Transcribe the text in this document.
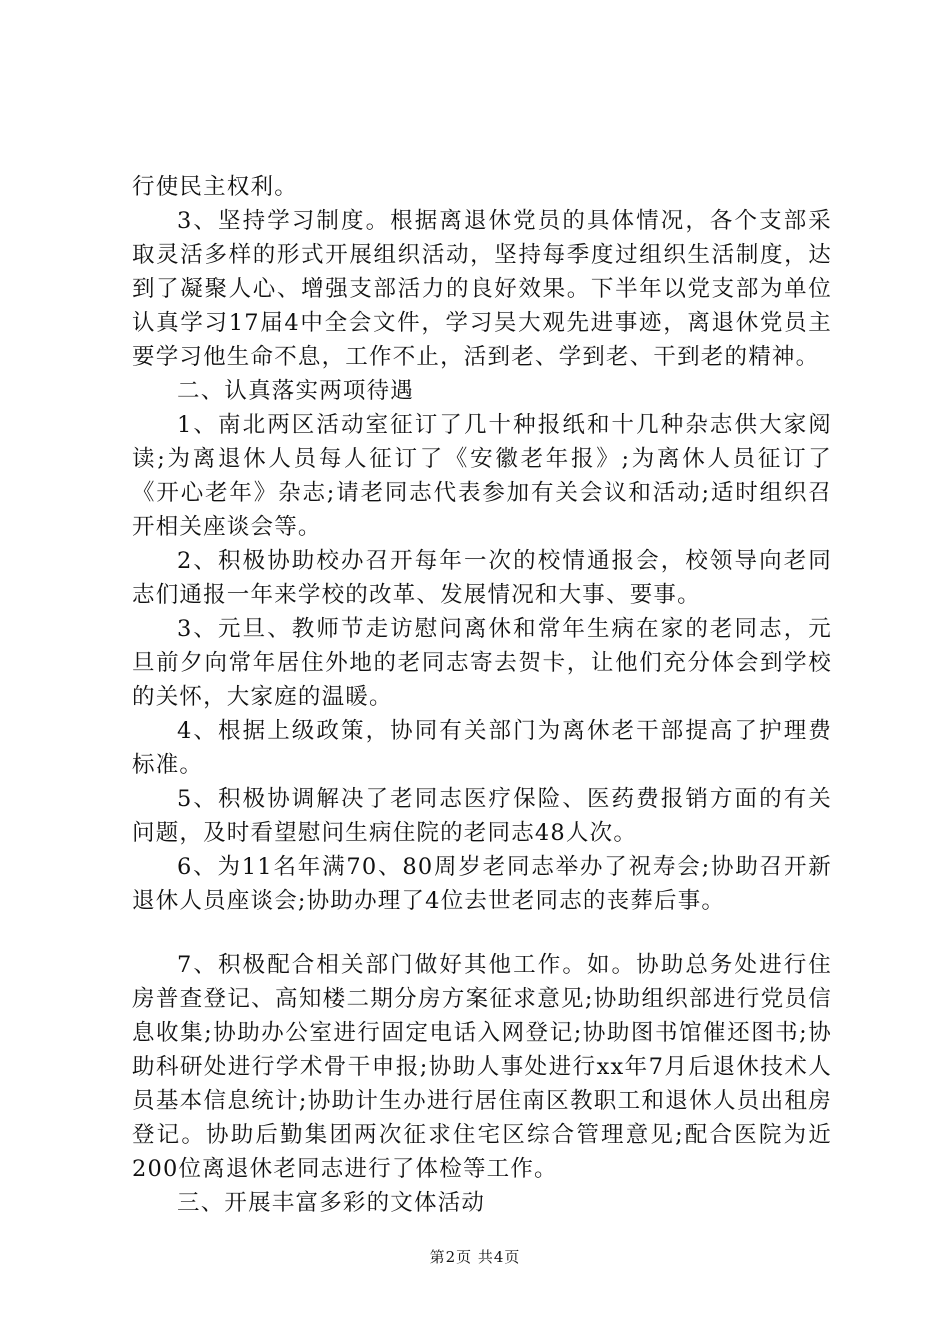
行使民主权利。

3、坚持学习制度。根据离退休党员的具体情况，各个支部采取灵活多样的形式开展组织活动，坚持每季度过组织生活制度，达到了凝聚人心、增强支部活力的良好效果。下半年以党支部为单位认真学习17届4中全会文件，学习吴大观先进事迹，离退休党员主要学习他生命不息，工作不止，活到老、学到老、干到老的精神。

二、认真落实两项待遇

1、南北两区活动室征订了几十种报纸和十几种杂志供大家阅读;为离退休人员每人征订了《安徽老年报》;为离休人员征订了《开心老年》杂志;请老同志代表参加有关会议和活动;适时组织召开相关座谈会等。

2、积极协助校办召开每年一次的校情通报会，校领导向老同志们通报一年来学校的改革、发展情况和大事、要事。

3、元旦、教师节走访慰问离休和常年生病在家的老同志，元旦前夕向常年居住外地的老同志寄去贺卡，让他们充分体会到学校的关怀，大家庭的温暖。

4、根据上级政策，协同有关部门为离休老干部提高了护理费标准。

5、积极协调解决了老同志医疗保险、医药费报销方面的有关问题，及时看望慰问生病住院的老同志48人次。

6、为11名年满70、80周岁老同志举办了祝寿会;协助召开新退休人员座谈会;协助办理了4位去世老同志的丧葬后事。

7、积极配合相关部门做好其他工作。如。协助总务处进行住房普查登记、高知楼二期分房方案征求意见;协助组织部进行党员信息收集;协助办公室进行固定电话入网登记;协助图书馆催还图书;协助科研处进行学术骨干申报;协助人事处进行xx年7月后退休技术人员基本信息统计;协助计生办进行居住南区教职工和退休人员出租房登记。协助后勤集团两次征求住宅区综合管理意见;配合医院为近200位离退休老同志进行了体检等工作。

三、开展丰富多彩的文体活动

第2页 共4页
